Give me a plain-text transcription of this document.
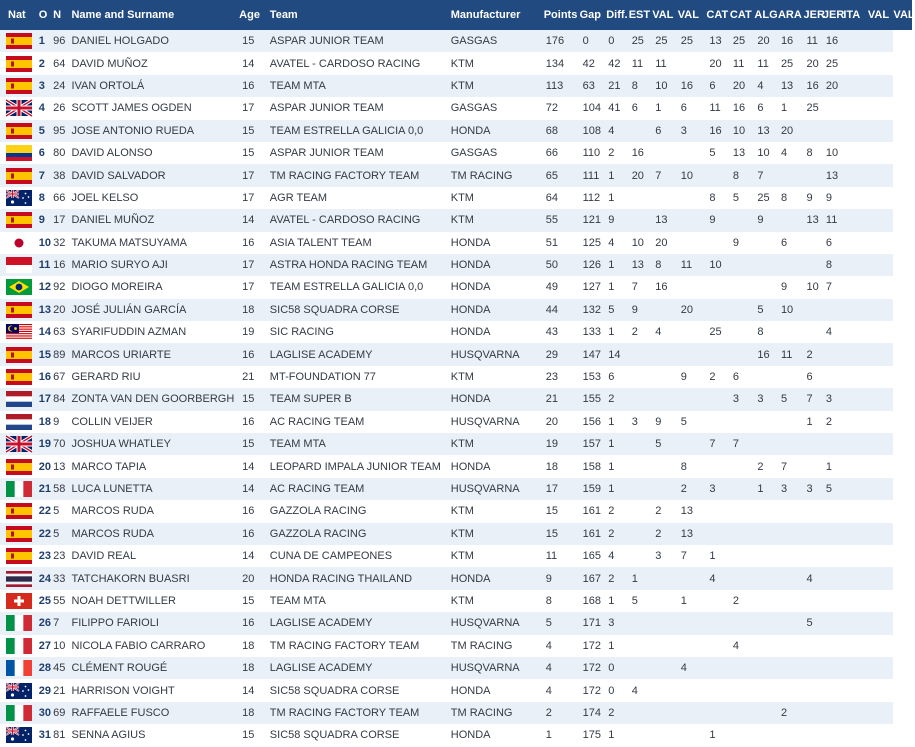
Nat	O	N	Name and Surname	Age	Team	Manufacturer	Points	Gap	Diff.	EST	VAL	VAL	CAT	CAT	ALG	ARA	JER	JER	ITA	VAL	VAL

	1	96	DANIEL HOLGADO	15	ASPAR JUNIOR TEAM	GASGAS	176	0	0	25	25	25	13	25	20	16	11	16			

	2	64	DAVID MUÑOZ	14	AVATEL - CARDOSO RACING	KTM	134	42	42	11	11		20	11	11	25	20	25			

	3	24	IVAN ORTOLÁ	16	TEAM MTA	KTM	113	63	21	8	10	16	6	20	4	13	16	20			

	4	26	SCOTT JAMES OGDEN	17	ASPAR JUNIOR TEAM	GASGAS	72	104	41	6	1	6	11	16	6	1	25				

	5	95	JOSE ANTONIO RUEDA	15	TEAM ESTRELLA GALICIA 0,0	HONDA	68	108	4		6	3	16	10	13	20					

	6	80	DAVID ALONSO	15	ASPAR JUNIOR TEAM	GASGAS	66	110	2	16			5	13	10	4	8	10			

	7	38	DAVID SALVADOR	17	TM RACING FACTORY TEAM	TM RACING	65	111	1	20	7	10		8	7			13			

	8	66	JOEL KELSO	17	AGR TEAM	KTM	64	112	1				8	5	25	8	9	9			

	9	17	DANIEL MUÑOZ	14	AVATEL - CARDOSO RACING	KTM	55	121	9		13		9		9		13	11			

	10	32	TAKUMA MATSUYAMA	16	ASIA TALENT TEAM	HONDA	51	125	4	10	20			9		6		6			

	11	16	MARIO SURYO AJI	17	ASTRA HONDA RACING TEAM	HONDA	50	126	1	13	8	11	10					8			

	12	92	DIOGO MOREIRA	17	TEAM ESTRELLA GALICIA 0,0	HONDA	49	127	1	7	16					9	10	7			

	13	20	JOSÉ JULIÁN GARCÍA	18	SIC58 SQUADRA CORSE	HONDA	44	132	5	9		20			5	10					

	14	63	SYARIFUDDIN AZMAN	19	SIC RACING	HONDA	43	133	1	2	4		25		8			4			

	15	89	MARCOS URIARTE	16	LAGLISE ACADEMY	HUSQVARNA	29	147	14						16	11	2				

	16	67	GERARD RIU	21	MT-FOUNDATION 77	KTM	23	153	6			9	2	6			6				

	17	84	ZONTA VAN DEN GOORBERGH	15	TEAM SUPER B	HONDA	21	155	2					3	3	5	7	3			

	18	9	COLLIN VEIJER	16	AC RACING TEAM	HUSQVARNA	20	156	1	3	9	5					1	2			

	19	70	JOSHUA WHATLEY	15	TEAM MTA	KTM	19	157	1		5		7	7							

	20	13	MARCO TAPIA	14	LEOPARD IMPALA JUNIOR TEAM	HONDA	18	158	1			8			2	7		1			

	21	58	LUCA LUNETTA	14	AC RACING TEAM	HUSQVARNA	17	159	1			2	3		1	3	3	5			

	22	5	MARCOS RUDA	16	GAZZOLA RACING	KTM	15	161	2		2	13									

	22	5	MARCOS RUDA	16	GAZZOLA RACING	KTM	15	161	2		2	13									

	23	23	DAVID REAL	14	CUNA DE CAMPEONES	KTM	11	165	4		3	7	1								

	24	33	TATCHAKORN BUASRI	20	HONDA RACING THAILAND	HONDA	9	167	2	1			4				4				

	25	55	NOAH DETTWILLER	15	TEAM MTA	KTM	8	168	1	5		1		2							

	26	7	FILIPPO FARIOLI	16	LAGLISE ACADEMY	HUSQVARNA	5	171	3								5				

	27	10	NICOLA FABIO CARRARO	18	TM RACING FACTORY TEAM	TM RACING	4	172	1					4							

	28	45	CLÉMENT ROUGÉ	18	LAGLISE ACADEMY	HUSQVARNA	4	172	0			4									

	29	21	HARRISON VOIGHT	14	SIC58 SQUADRA CORSE	HONDA	4	172	0	4											

	30	69	RAFFAELE FUSCO	18	TM RACING FACTORY TEAM	TM RACING	2	174	2							2					

	31	81	SENNA AGIUS	15	SIC58 SQUADRA CORSE	HONDA	1	175	1				1								
